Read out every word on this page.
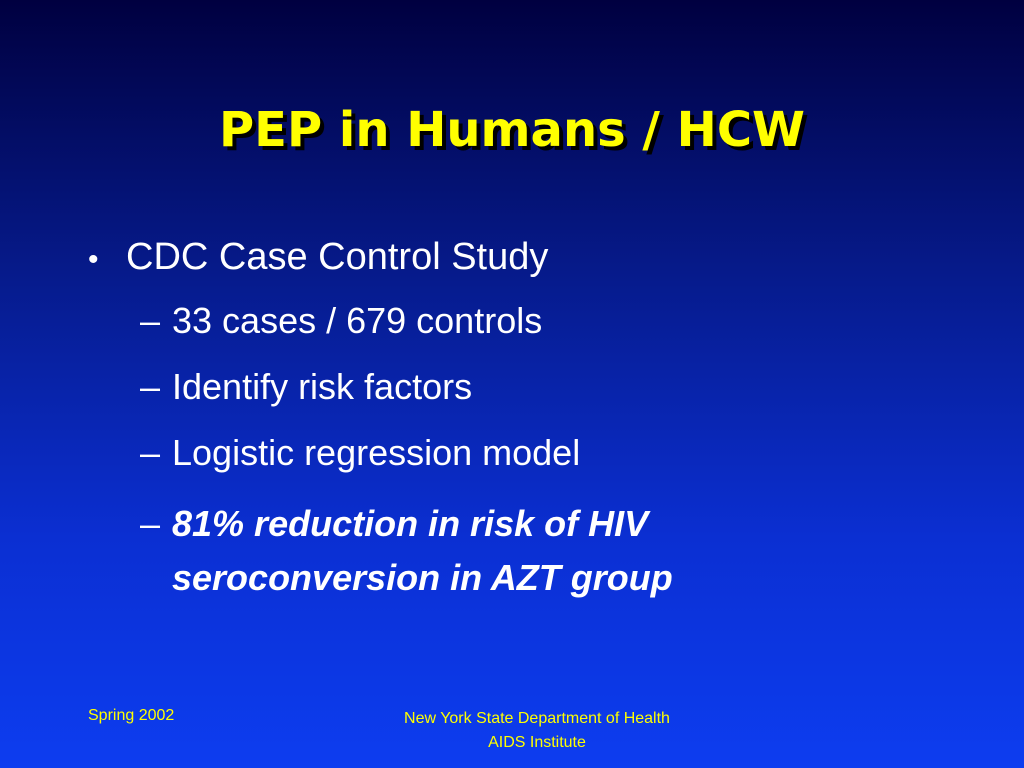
PEP in Humans / HCW
• CDC Case Control Study
– 33 cases / 679 controls
– Identify risk factors
– Logistic regression model
– 81% reduction in risk of HIV
seroconversion in AZT group
Spring 2002	New York State Department of Health
AIDS Institute
